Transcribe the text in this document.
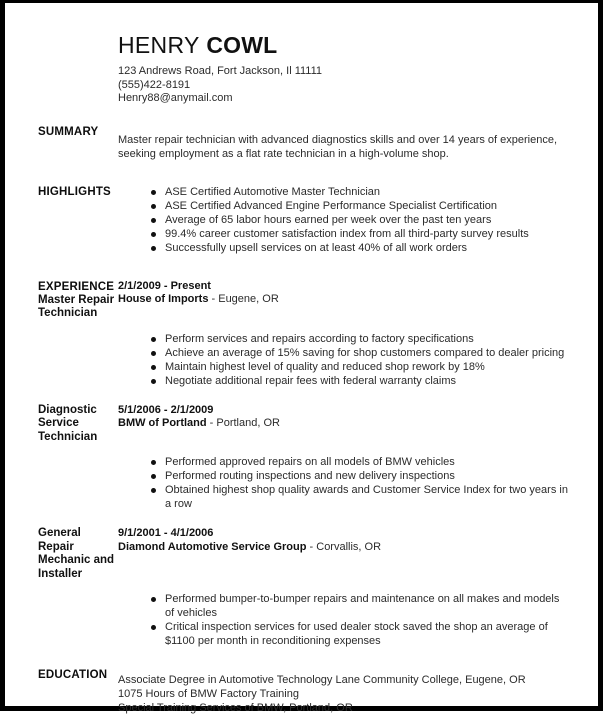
HENRY COWL
123 Andrews Road, Fort Jackson, Il 11111
(555)422-8191
Henry88@anymail.com
SUMMARY
Master repair technician with advanced diagnostics skills and over 14 years of experience, seeking employment as a flat rate technician in a high-volume shop.
HIGHLIGHTS	ASE Certified Automotive Master Technician
ASE Certified Advanced Engine Performance Specialist Certification
Average of 65 labor hours earned per week over the past ten years
99.4% career customer satisfaction index from all third-party survey results
Successfully upsell services on at least 40% of all work orders
EXPERIENCE
Master Repair Technician
2/1/2009 - Present
House of Imports - Eugene, OR
Perform services and repairs according to factory specifications
Achieve an average of 15% saving for shop customers compared to dealer pricing
Maintain highest level of quality and reduced shop rework by 18%
Negotiate additional repair fees with federal warranty claims
Diagnostic Service Technician
5/1/2006 - 2/1/2009
BMW of Portland - Portland, OR
Performed approved repairs on all models of BMW vehicles
Performed routing inspections and new delivery inspections
Obtained highest shop quality awards and Customer Service Index for two years in a row
General Repair Mechanic and Installer
9/1/2001 - 4/1/2006
Diamond Automotive Service Group - Corvallis, OR
Performed bumper-to-bumper repairs and maintenance on all makes and models of vehicles
Critical inspection services for used dealer stock saved the shop an average of $1100 per month in reconditioning expenses
EDUCATION Associate Degree in Automotive Technology Lane Community College, Eugene, OR
1075 Hours of BMW Factory Training
Special Training Services of BMW, Portland, OR
